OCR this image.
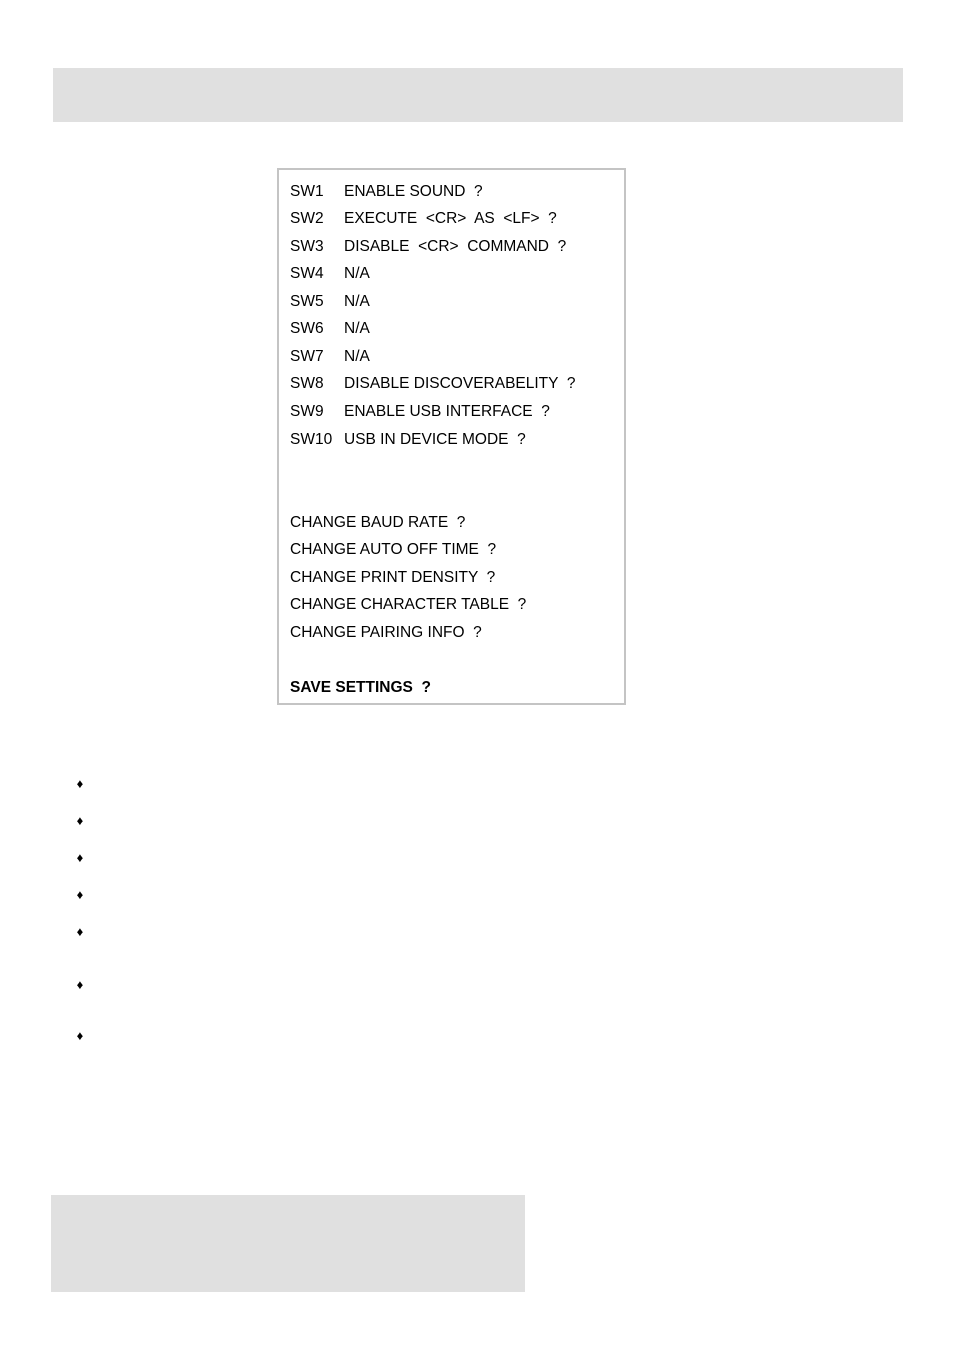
SW1 ENABLE SOUND  ?
SW2 EXECUTE  <CR>  AS  <LF>  ?
SW3 DISABLE  <CR>  COMMAND  ?
SW4 N/A
SW5 N/A
SW6 N/A
SW7 N/A
SW8 DISABLE DISCOVERABELITY  ?
SW9 ENABLE USB INTERFACE  ?
SW10 USB IN DEVICE MODE  ?
CHANGE BAUD RATE  ?
CHANGE AUTO OFF TIME  ?
CHANGE PRINT DENSITY  ?
CHANGE CHARACTER TABLE  ?
CHANGE PAIRING INFO  ?
SAVE SETTINGS  ?
♦
♦
♦
♦
♦
♦
♦
